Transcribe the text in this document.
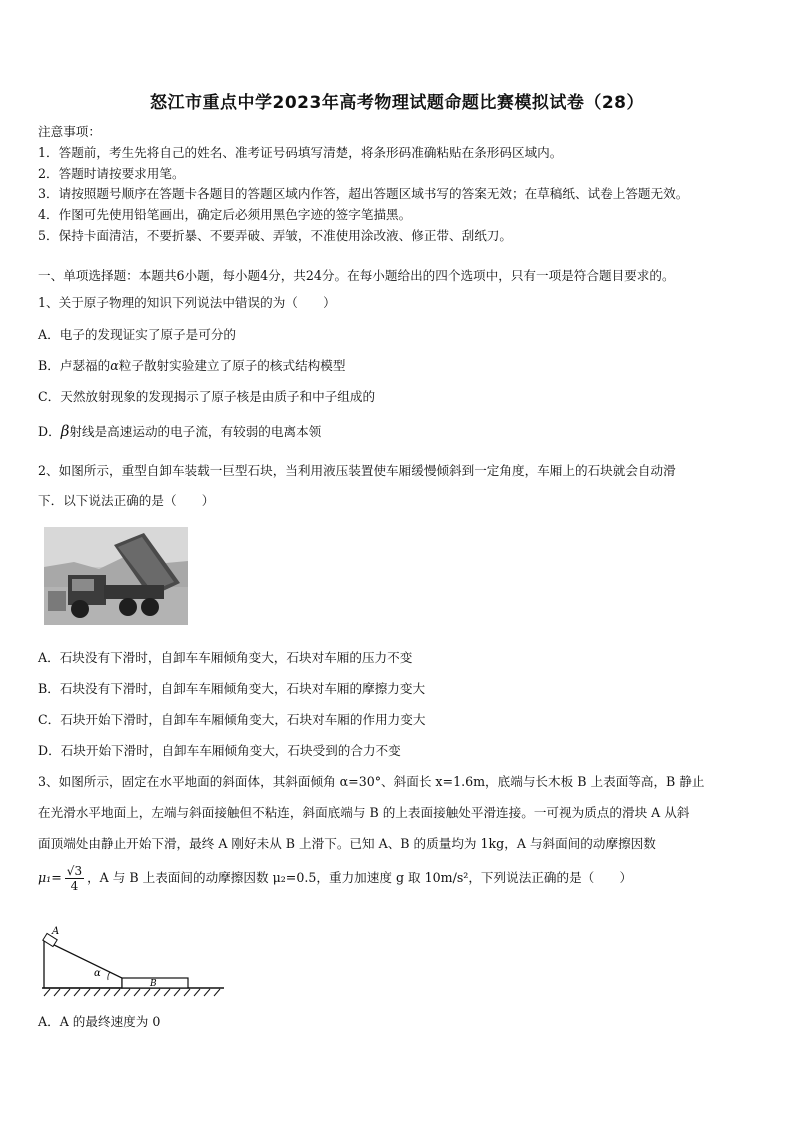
怒江市重点中学2023年高考物理试题命题比赛模拟试卷（28）
注意事项：
1．答题前，考生先将自己的姓名、准考证号码填写清楚，将条形码准确粘贴在条形码区域内。
2．答题时请按要求用笔。
3．请按照题号顺序在答题卡各题目的答题区域内作答，超出答题区域书写的答案无效；在草稿纸、试卷上答题无效。
4．作图可先使用铅笔画出，确定后必须用黑色字迹的签字笔描黑。
5．保持卡面清洁，不要折暴、不要弄破、弄皱，不准使用涂改液、修正带、刮纸刀。
一、单项选择题：本题共6小题，每小题4分，共24分。在每小题给出的四个选项中，只有一项是符合题目要求的。
1、关于原子物理的知识下列说法中错误的为（　　）
A．电子的发现证实了原子是可分的
B．卢瑟福的α粒子散射实验建立了原子的核式结构模型
C．天然放射现象的发现揭示了原子核是由质子和中子组成的
D．β射线是高速运动的电子流，有较弱的电离本领
2、如图所示，重型自卸车装载一巨型石块，当利用液压装置使车厢缓慢倾斜到一定角度，车厢上的石块就会自动滑
下．以下说法正确的是（　　）
A．石块没有下滑时，自卸车车厢倾角变大，石块对车厢的压力不变
B．石块没有下滑时，自卸车车厢倾角变大，石块对车厢的摩擦力变大
C．石块开始下滑时，自卸车车厢倾角变大，石块对车厢的作用力变大
D．石块开始下滑时，自卸车车厢倾角变大，石块受到的合力不变
3、如图所示，固定在水平地面的斜面体，其斜面倾角 α=30°、斜面长 x=1.6m，底端与长木板 B 上表面等高，B 静止
在光滑水平地面上，左端与斜面接触但不粘连，斜面底端与 B 的上表面接触处平滑连接。一可视为质点的滑块 A 从斜
面顶端处由静止开始下滑，最终 A 刚好未从 B 上滑下。已知 A、B 的质量均为 1kg，A 与斜面间的动摩擦因数
$\mu_1= \frac{√3}{4}$ ，A 与 B 上表面间的动摩擦因数 μ₂=0.5，重力加速度 g 取 10m/s²，下列说法正确的是（　　）
A
α
B
A．A 的最终速度为 0
